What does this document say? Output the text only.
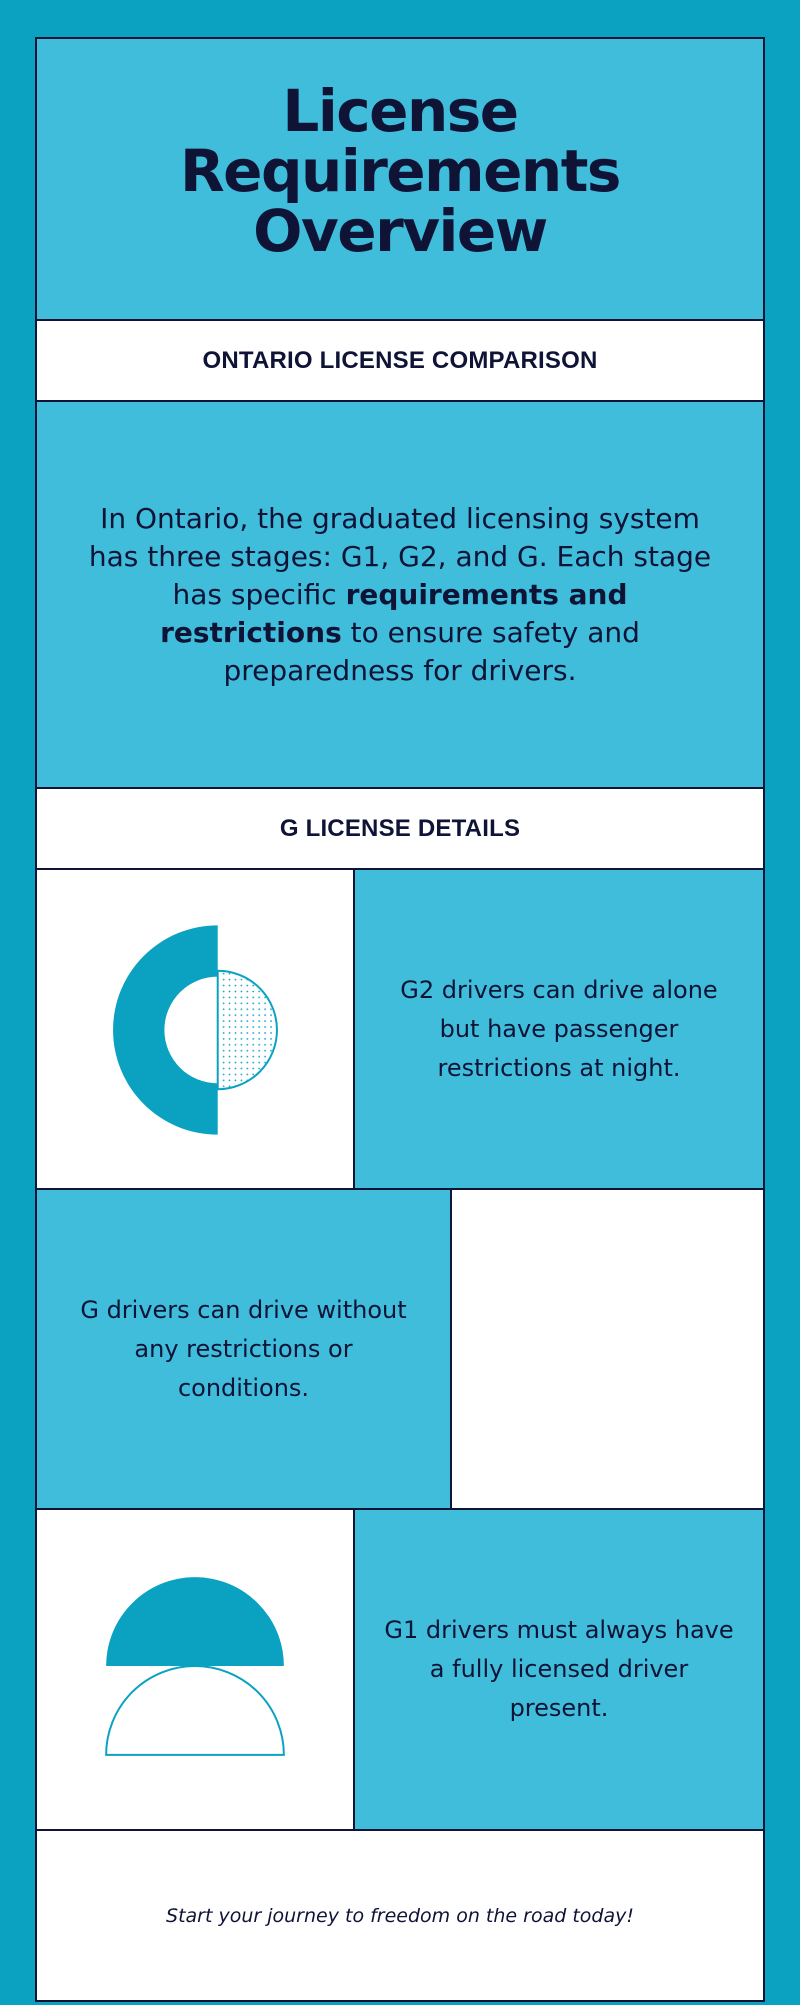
License
Requirements
Overview
ONTARIO LICENSE COMPARISON

In Ontario, the graduated licensing system has three stages: G1, G2, and G. Each stage has specific requirements and restrictions to ensure safety and preparedness for drivers.

G LICENSE DETAILS

G2 drivers can drive alone but have passenger restrictions at night.

G drivers can drive without any restrictions or conditions.

G1 drivers must always have a fully licensed driver present.

Start your journey to freedom on the road today!
